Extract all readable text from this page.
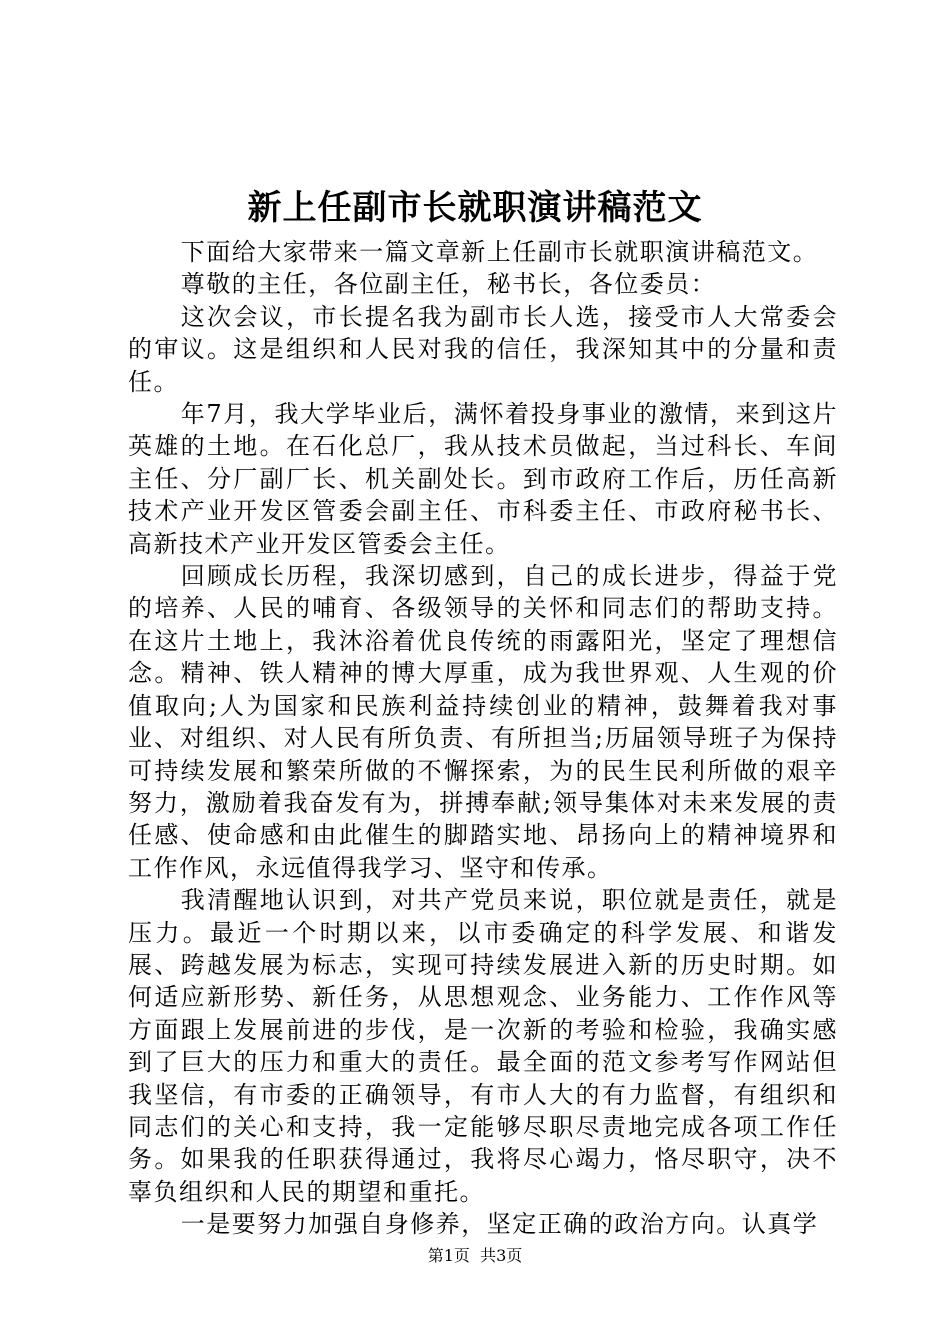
新上任副市长就职演讲稿范文

下面给大家带来一篇文章新上任副市长就职演讲稿范文。

尊敬的主任，各位副主任，秘书长，各位委员：

这次会议，市长提名我为副市长人选，接受市人大常委会的审议。这是组织和人民对我的信任，我深知其中的分量和责任。

年7月，我大学毕业后，满怀着投身事业的激情，来到这片英雄的土地。在石化总厂，我从技术员做起，当过科长、车间主任、分厂副厂长、机关副处长。到市政府工作后，历任高新技术产业开发区管委会副主任、市科委主任、市政府秘书长、高新技术产业开发区管委会主任。

回顾成长历程，我深切感到，自己的成长进步，得益于党的培养、人民的哺育、各级领导的关怀和同志们的帮助支持。在这片土地上，我沐浴着优良传统的雨露阳光，坚定了理想信念。精神、铁人精神的博大厚重，成为我世界观、人生观的价值取向;人为国家和民族利益持续创业的精神，鼓舞着我对事业、对组织、对人民有所负责、有所担当;历届领导班子为保持可持续发展和繁荣所做的不懈探索，为的民生民利所做的艰辛努力，激励着我奋发有为，拼搏奉献;领导集体对未来发展的责任感、使命感和由此催生的脚踏实地、昂扬向上的精神境界和工作作风，永远值得我学习、坚守和传承。

我清醒地认识到，对共产党员来说，职位就是责任，就是压力。最近一个时期以来，以市委确定的科学发展、和谐发展、跨越发展为标志，实现可持续发展进入新的历史时期。如何适应新形势、新任务，从思想观念、业务能力、工作作风等方面跟上发展前进的步伐，是一次新的考验和检验，我确实感到了巨大的压力和重大的责任。最全面的范文参考写作网站但我坚信，有市委的正确领导，有市人大的有力监督，有组织和同志们的关心和支持，我一定能够尽职尽责地完成各项工作任务。如果我的任职获得通过，我将尽心竭力，恪尽职守，决不辜负组织和人民的期望和重托。

一是要努力加强自身修养，坚定正确的政治方向。认真学

第1页 共3页
